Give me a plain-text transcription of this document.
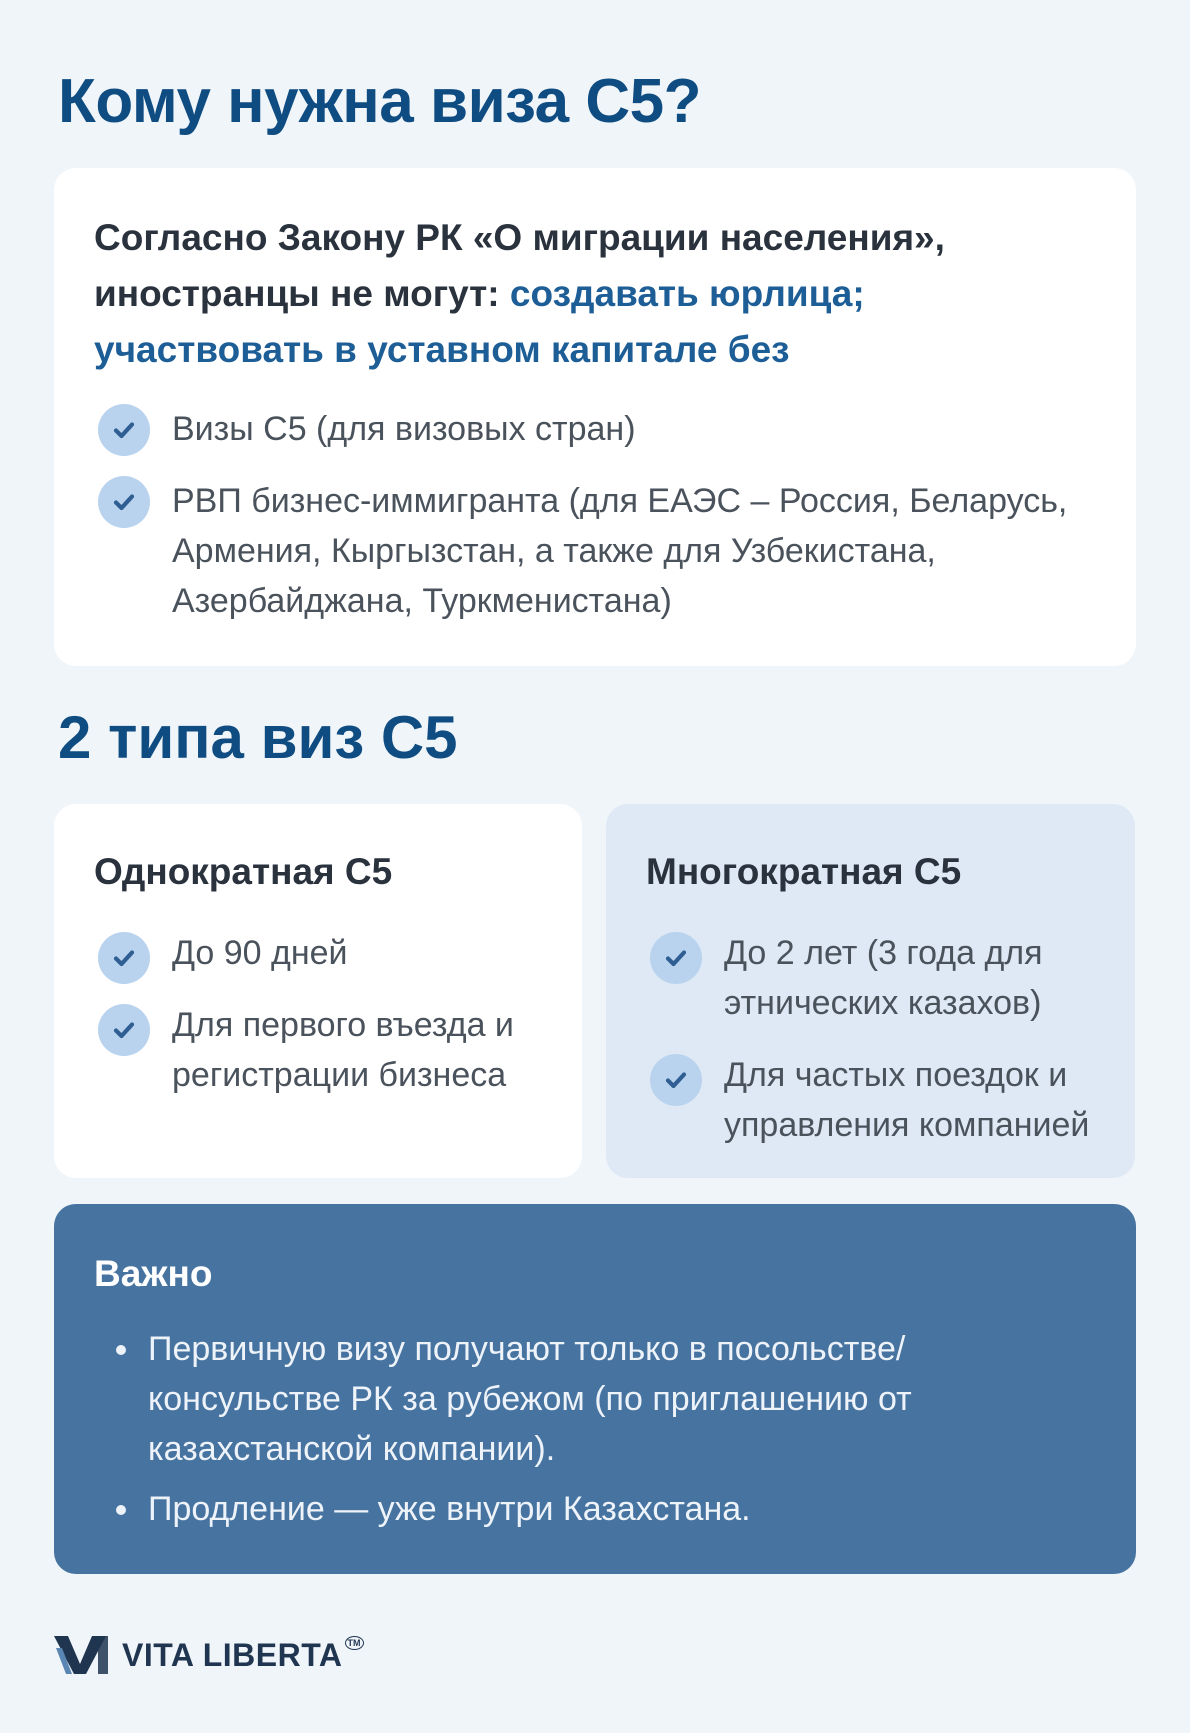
Кому нужна виза С5?

Согласно Закону РК «О миграции населения», иностранцы не могут: создавать юрлица; участвовать в уставном капитале без

Визы С5 (для визовых стран)
РВП бизнес-иммигранта (для ЕАЭС – Россия, Беларусь, Армения, Кыргызстан, а также для Узбекистана, Азербайджана, Туркменистана)
2 типа виз С5
Однократная С5
До 90 дней
Для первого въезда и регистрации бизнеса
Многократная С5
До 2 лет (3 года для этнических казахов)
Для частых поездок и управления компанией
Важно
Первичную визу получают только в посольстве/консульстве РК за рубежом (по приглашению от казахстанской компании).
Продление — уже внутри Казахстана.
VITA LIBERTA TM
